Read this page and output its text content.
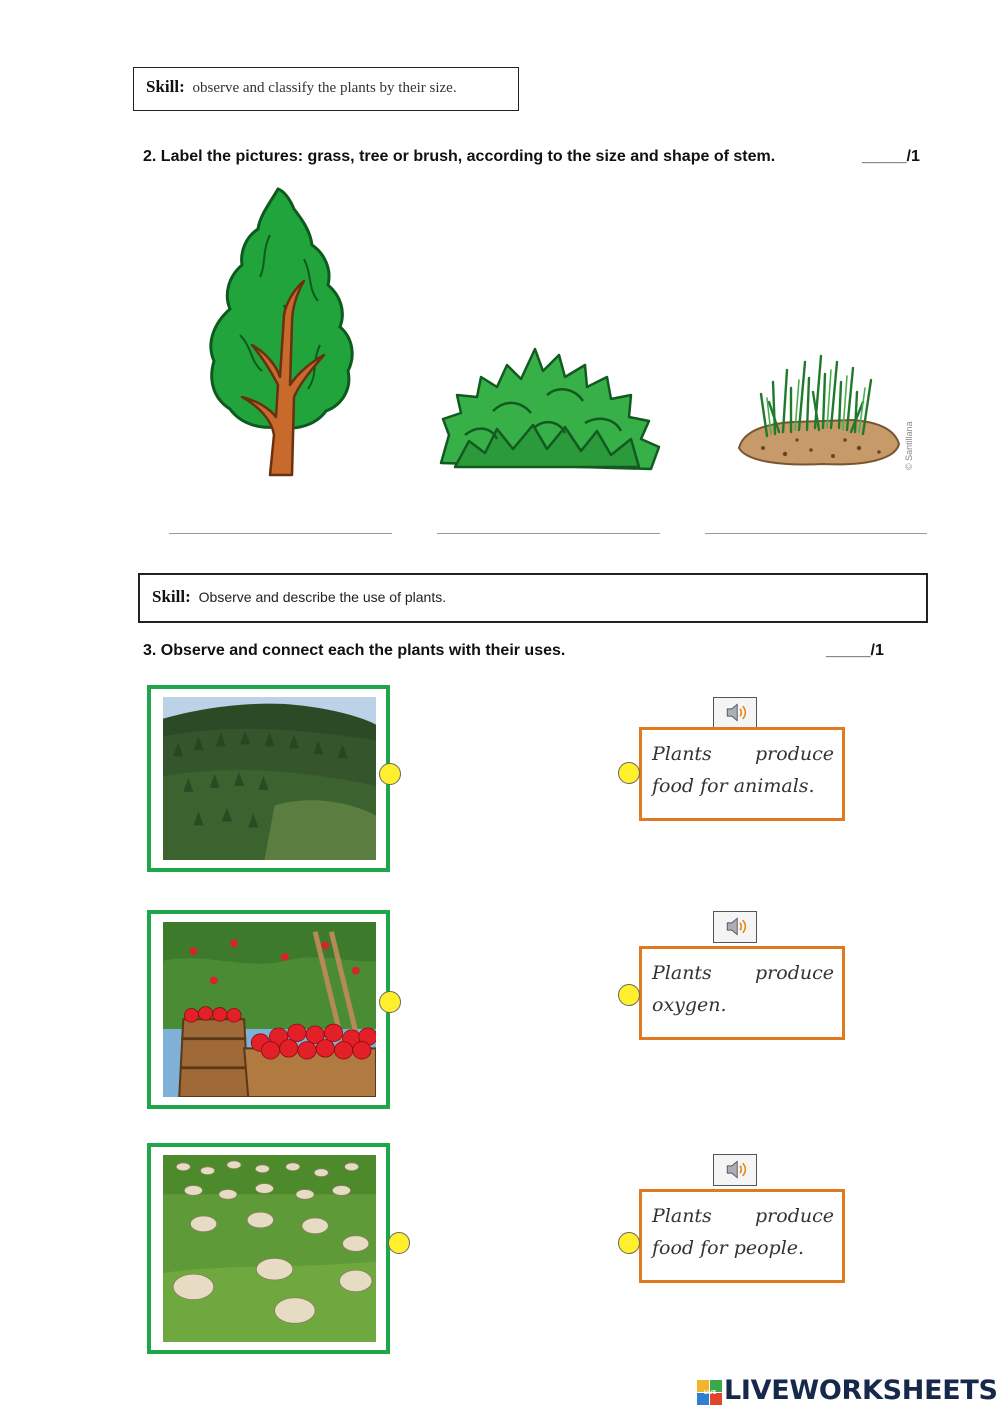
Skill: observe and classify the plants by their size.
2. Label the pictures: grass, tree or brush, according to the size and shape of stem.	_____/1
© Santillana
Skill: Observe and describe the use of plants.
3. Observe and connect each the plants with their uses.	_____/1
Plants produce food for animals.
Plants produce oxygen.
Plants produce food for people.
LIVE LIVEWORKSHEETS
